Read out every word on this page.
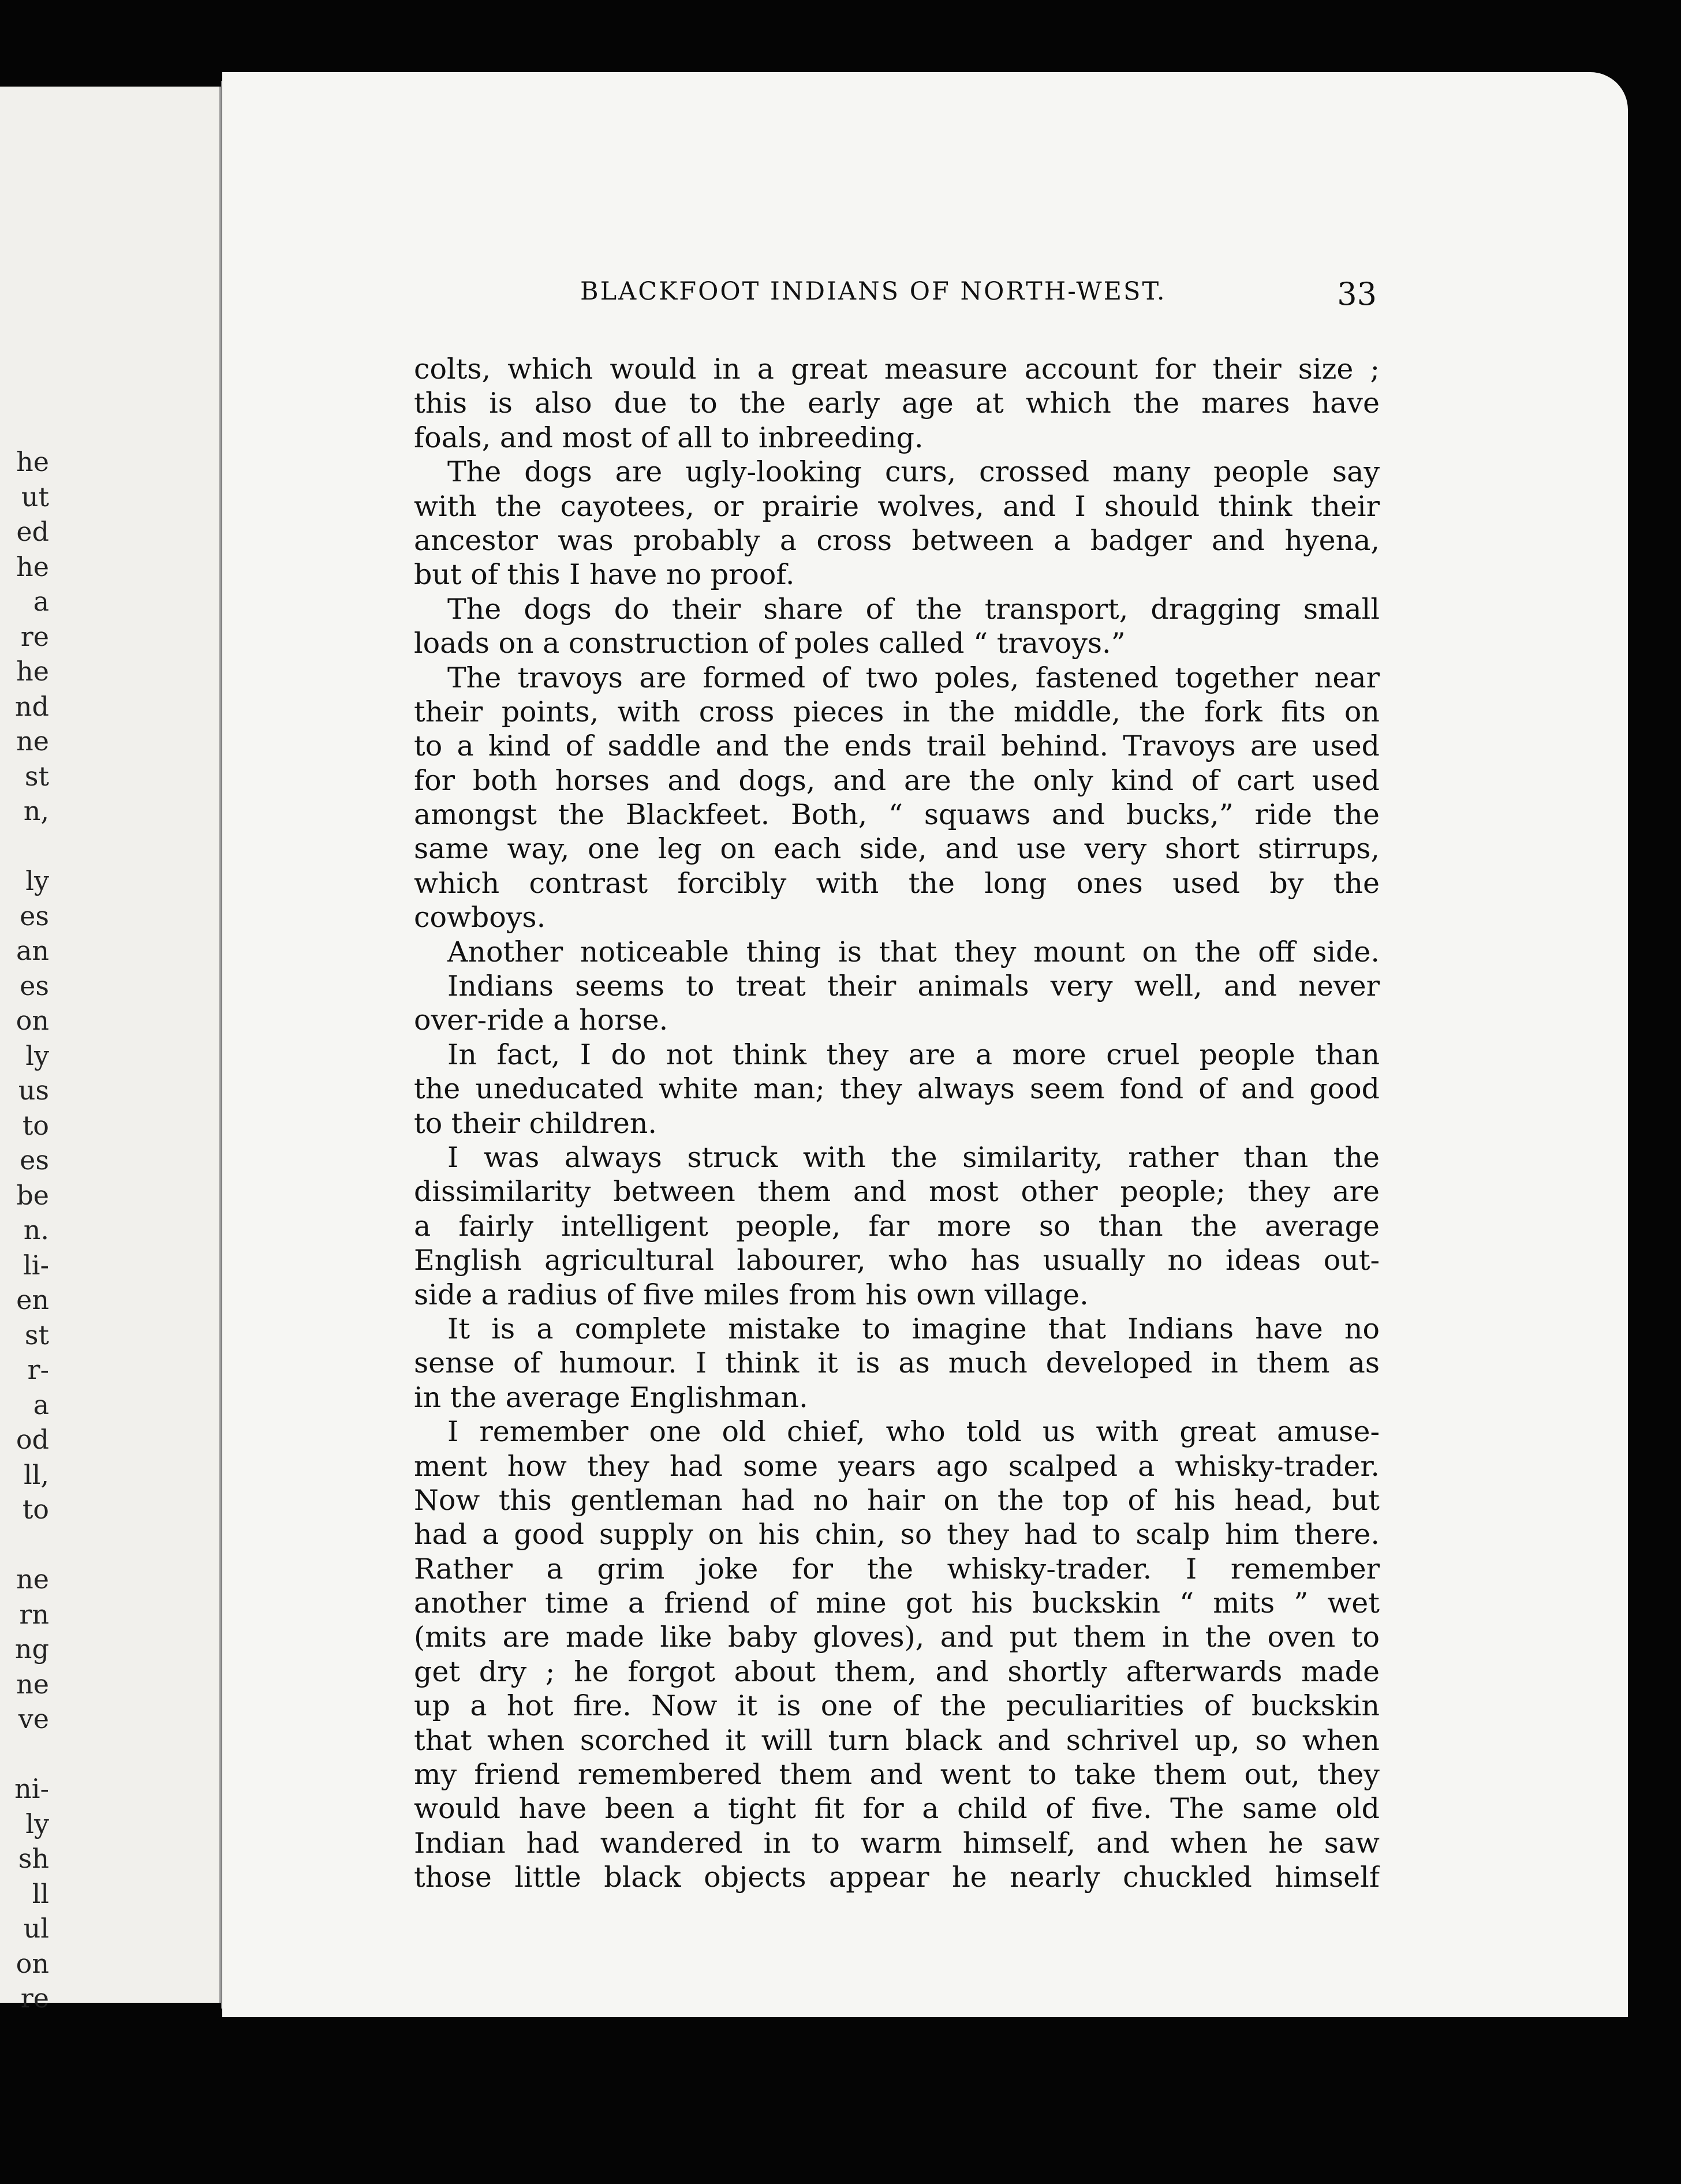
he
ut
ed
he
a
re
he
nd
ne
st
n,

ly
es
an
es
on
ly
us
to
es
be
n.
li-
en
st
r-
a
od
ll,
to

ne
rn
ng
ne
ve

ni-
ly
sh
ll
ul
on
re
BLACKFOOT INDIANS OF NORTH-WEST.	33
colts, which would in a great measure account for their size ;
this is also due to the early age at which the mares have
foals, and most of all to inbreeding.
The dogs are ugly-looking curs, crossed many people say
with the cayotees, or prairie wolves, and I should think their
ancestor was probably a cross between a badger and hyena,
but of this I have no proof.
The dogs do their share of the transport, dragging small
loads on a construction of poles called “ travoys.”
The travoys are formed of two poles, fastened together near
their points, with cross pieces in the middle, the fork fits on
to a kind of saddle and the ends trail behind. Travoys are used
for both horses and dogs, and are the only kind of cart used
amongst the Blackfeet. Both, “ squaws and bucks,” ride the
same way, one leg on each side, and use very short stirrups,
which contrast forcibly with the long ones used by the
cowboys.
Another noticeable thing is that they mount on the off side.
Indians seems to treat their animals very well, and never
over-ride a horse.
In fact, I do not think they are a more cruel people than
the uneducated white man; they always seem fond of and good
to their children.
I was always struck with the similarity, rather than the
dissimilarity between them and most other people; they are
a fairly intelligent people, far more so than the average
English agricultural labourer, who has usually no ideas out-
side a radius of five miles from his own village.
It is a complete mistake to imagine that Indians have no
sense of humour. I think it is as much developed in them as
in the average Englishman.
I remember one old chief, who told us with great amuse-
ment how they had some years ago scalped a whisky-trader.
Now this gentleman had no hair on the top of his head, but
had a good supply on his chin, so they had to scalp him there.
Rather a grim joke for the whisky-trader. I remember
another time a friend of mine got his buckskin “ mits ” wet
(mits are made like baby gloves), and put them in the oven to
get dry ; he forgot about them, and shortly afterwards made
up a hot fire. Now it is one of the peculiarities of buckskin
that when scorched it will turn black and schrivel up, so when
my friend remembered them and went to take them out, they
would have been a tight fit for a child of five. The same old
Indian had wandered in to warm himself, and when he saw
those little black objects appear he nearly chuckled himself
